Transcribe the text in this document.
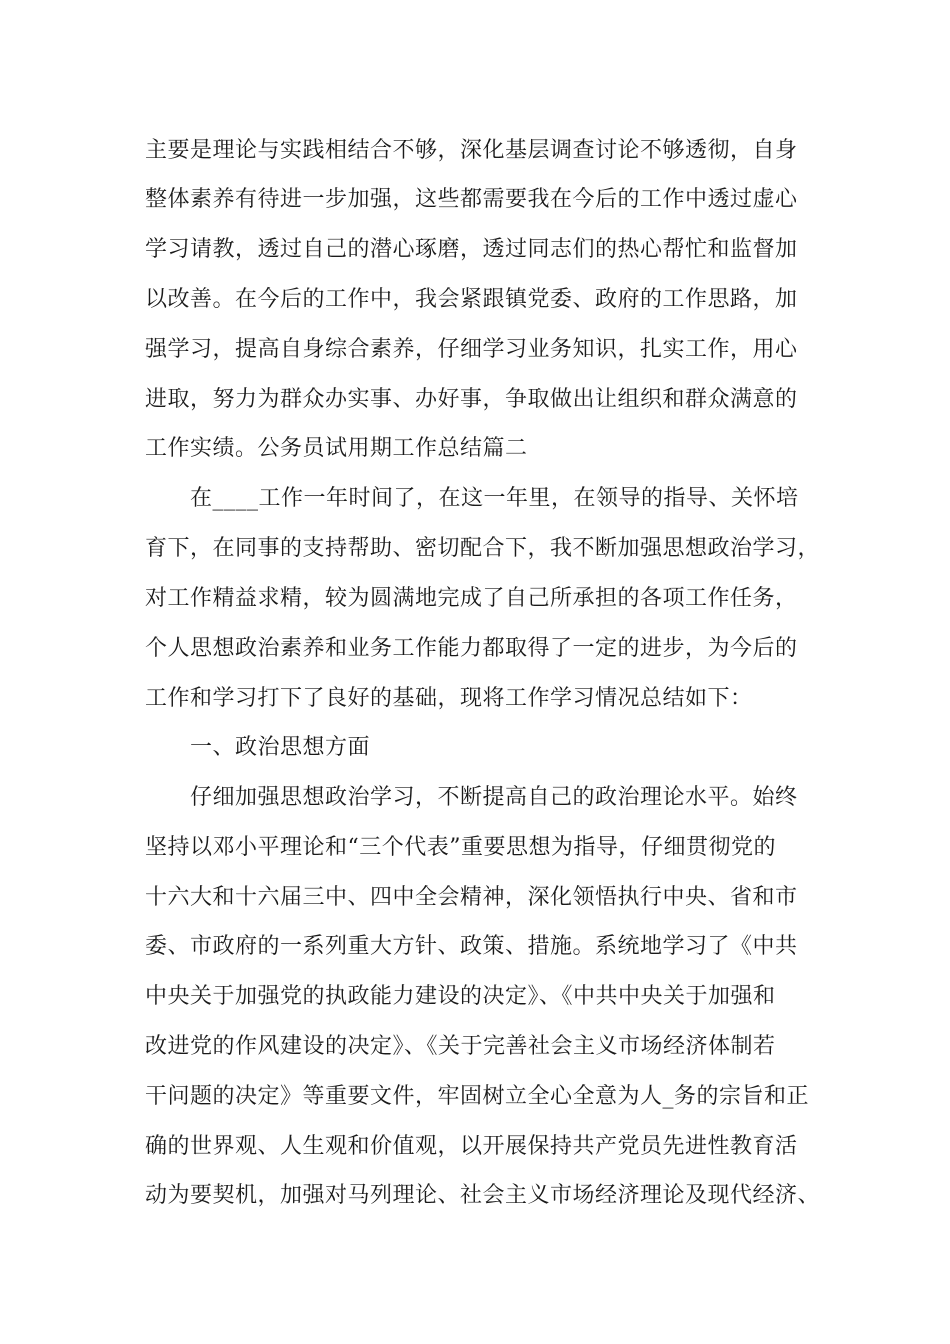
主要是理论与实践相结合不够，深化基层调查讨论不够透彻，自身
整体素养有待进一步加强，这些都需要我在今后的工作中透过虚心
学习请教，透过自己的潜心琢磨，透过同志们的热心帮忙和监督加
以改善。在今后的工作中，我会紧跟镇党委、政府的工作思路，加
强学习，提高自身综合素养，仔细学习业务知识，扎实工作，用心
进取，努力为群众办实事、办好事，争取做出让组织和群众满意的
工作实绩。公务员试用期工作总结篇二
在____工作一年时间了，在这一年里，在领导的指导、关怀培
育下，在同事的支持帮助、密切配合下，我不断加强思想政治学习，
对工作精益求精，较为圆满地完成了自己所承担的各项工作任务，
个人思想政治素养和业务工作能力都取得了一定的进步，为今后的
工作和学习打下了良好的基础，现将工作学习情况总结如下：
一、政治思想方面
仔细加强思想政治学习，不断提高自己的政治理论水平。始终
坚持以邓小平理论和“三个代表”重要思想为指导，仔细贯彻党的
十六大和十六届三中、四中全会精神，深化领悟执行中央、省和市
委、市政府的一系列重大方针、政策、措施。系统地学习了《中共
中央关于加强党的执政能力建设的决定》、《中共中央关于加强和
改进党的作风建设的决定》、《关于完善社会主义市场经济体制若
干问题的决定》等重要文件，牢固树立全心全意为人_务的宗旨和正
确的世界观、人生观和价值观，以开展保持共产党员先进性教育活
动为要契机，加强对马列理论、社会主义市场经济理论及现代经济、
